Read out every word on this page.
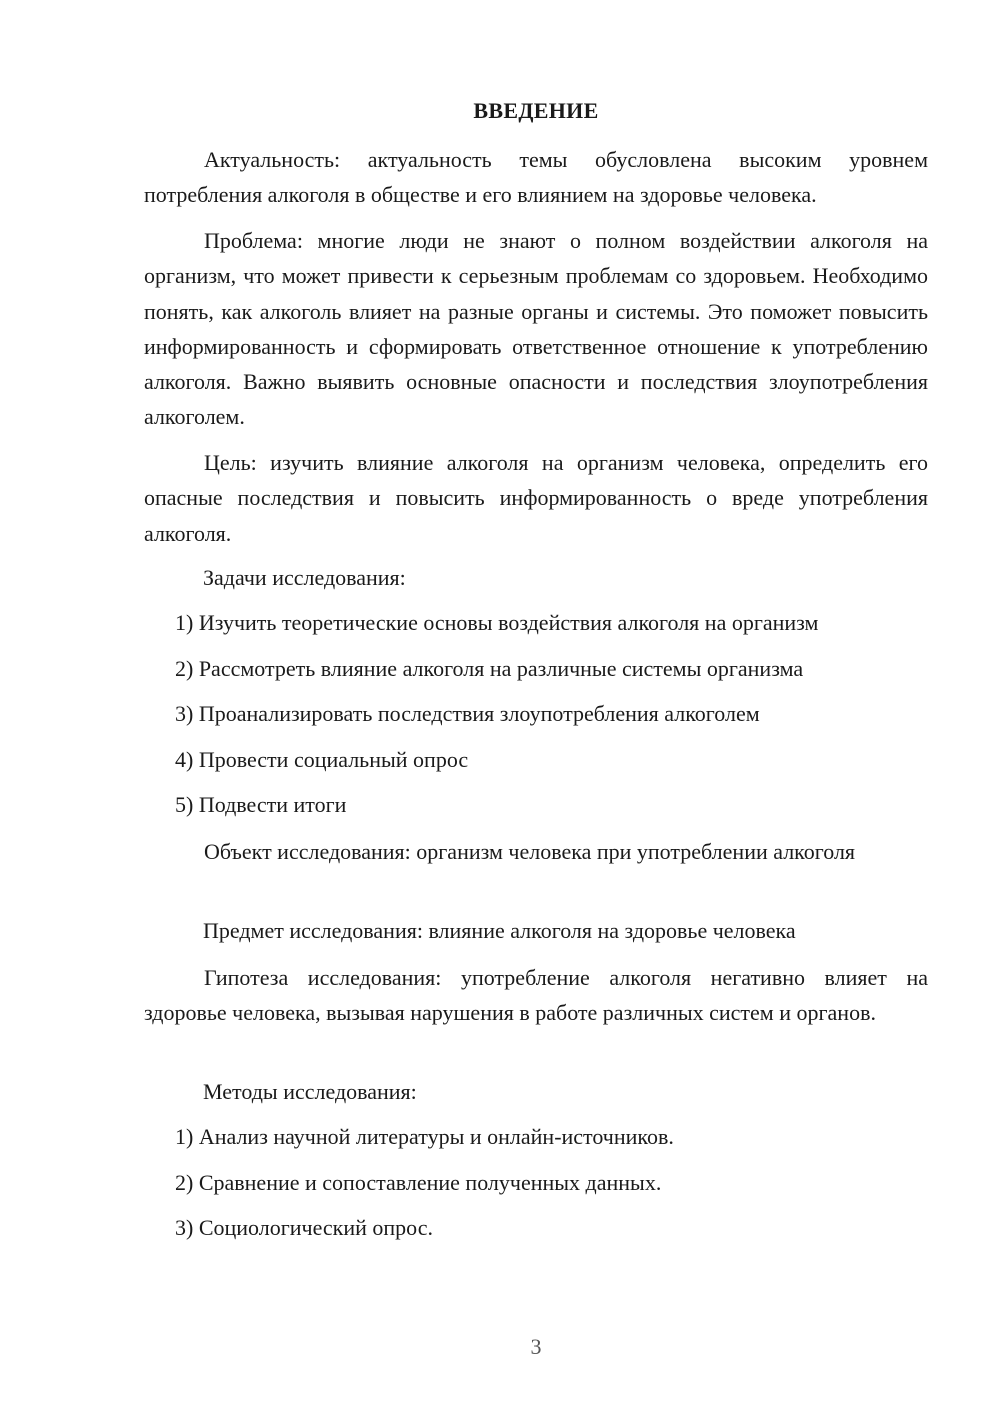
ВВЕДЕНИЕ
Актуальность: актуальность темы обусловлена высоким уровнем потребления алкоголя в обществе и его влиянием на здоровье человека.
Проблема: многие люди не знают о полном воздействии алкоголя на организм, что может привести к серьезным проблемам со здоровьем. Необходимо понять, как алкоголь влияет на разные органы и системы. Это поможет повысить информированность и сформировать ответственное отношение к употреблению алкоголя. Важно выявить основные опасности и последствия злоупотребления алкоголем.
Цель: изучить влияние алкоголя на организм человека, определить его опасные последствия и повысить информированность о вреде употребления алкоголя.
Задачи исследования:
1) Изучить теоретические основы воздействия алкоголя на организм
2) Рассмотреть влияние алкоголя на различные системы организма
3) Проанализировать последствия злоупотребления алкоголем
4) Провести социальный опрос
5) Подвести итоги
Объект исследования: организм человека при употреблении алкоголя
Предмет исследования: влияние алкоголя на здоровье человека
Гипотеза исследования: употребление алкоголя негативно влияет на здоровье человека, вызывая нарушения в работе различных систем и органов.
Методы исследования:
1) Анализ научной литературы и онлайн-источников.
2) Сравнение и сопоставление полученных данных.
3) Социологический опрос.
3
